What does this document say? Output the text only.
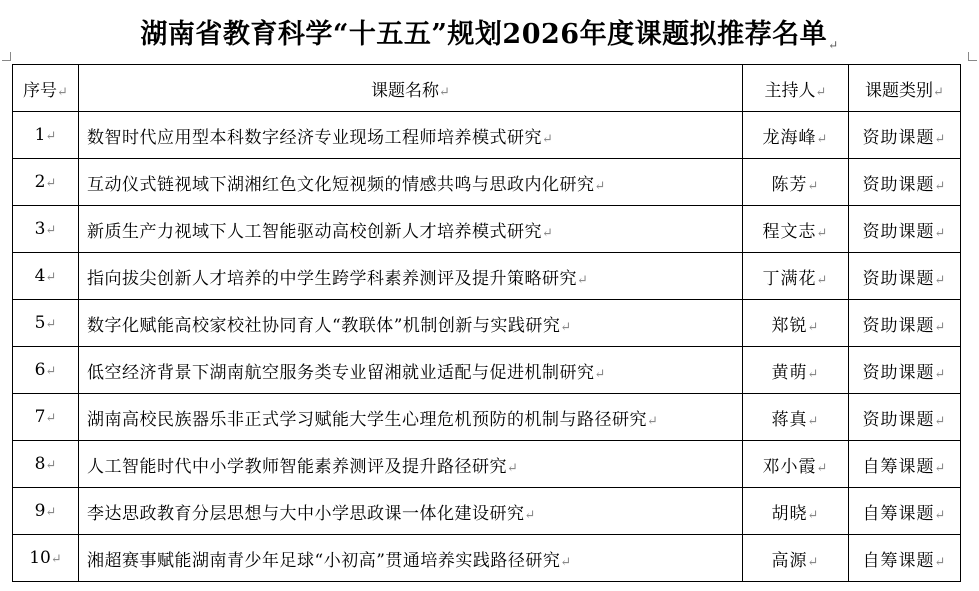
湖南省教育科学“十五五”规划2026年度课题拟推荐名单$_↵$
序号↵	课题名称↵	主持人↵	课题类别↵
1↵	数智时代应用型本科数字经济专业现场工程师培养模式研究↵	龙海峰↵	资助课题↵
2↵	互动仪式链视域下湖湘红色文化短视频的情感共鸣与思政内化研究↵	陈芳↵	资助课题↵
3↵	新质生产力视域下人工智能驱动高校创新人才培养模式研究↵	程文志↵	资助课题↵
4↵	指向拔尖创新人才培养的中学生跨学科素养测评及提升策略研究↵	丁满花↵	资助课题↵
5↵	数字化赋能高校家校社协同育人“教联体”机制创新与实践研究↵	郑锐↵	资助课题↵
6↵	低空经济背景下湖南航空服务类专业留湘就业适配与促进机制研究↵	黄萌↵	资助课题↵
7↵	湖南高校民族器乐非正式学习赋能大学生心理危机预防的机制与路径研究↵	蒋真↵	资助课题↵
8↵	人工智能时代中小学教师智能素养测评及提升路径研究↵	邓小霞↵	自筹课题↵
9↵	李达思政教育分层思想与大中小学思政课一体化建设研究↵	胡晓↵	自筹课题↵
10↵	湘超赛事赋能湖南青少年足球“小初高”贯通培养实践路径研究↵	高源↵	自筹课题↵
